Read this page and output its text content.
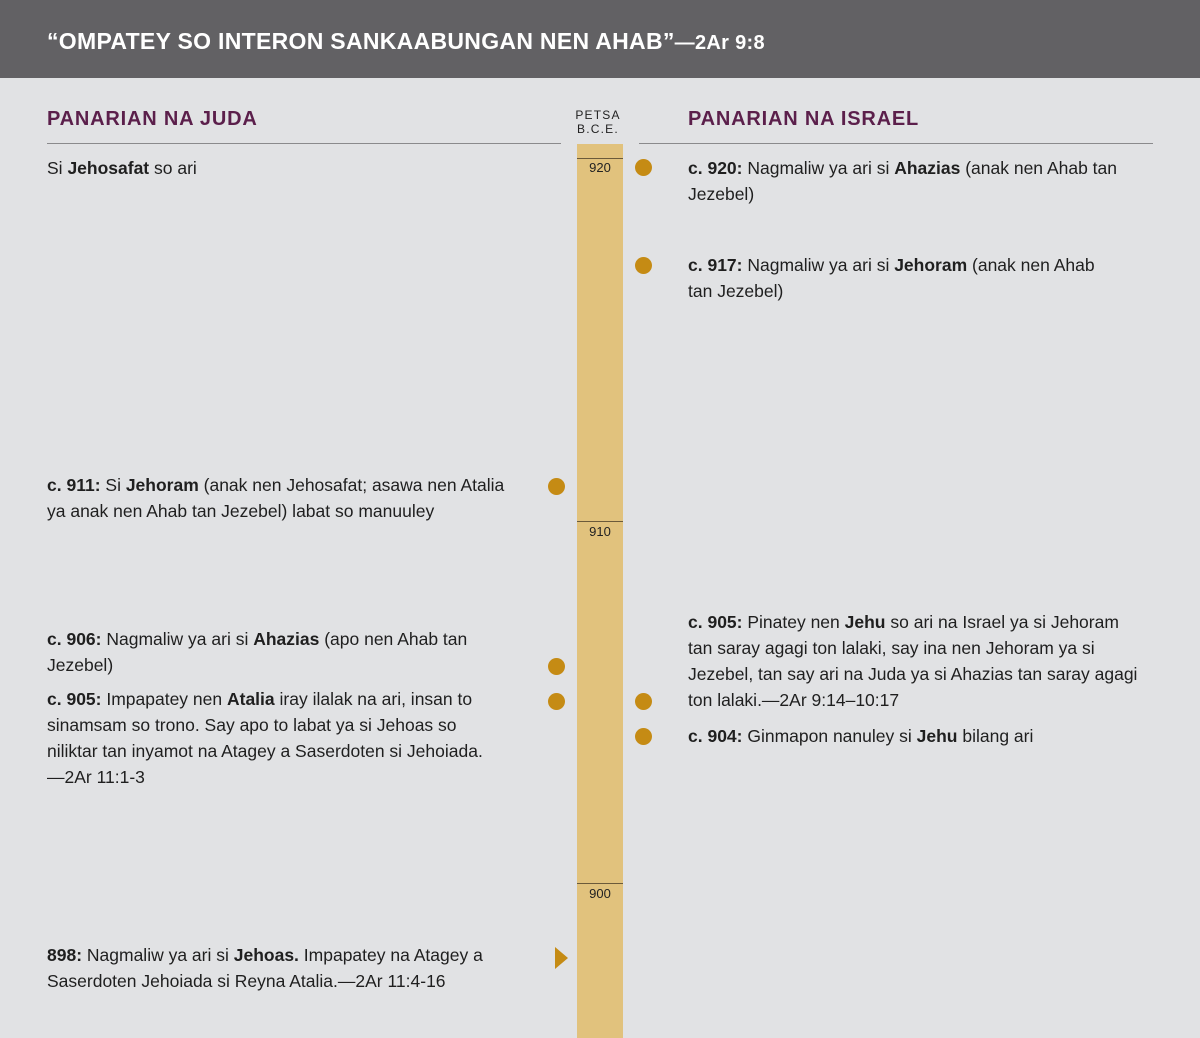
“OMPATEY SO INTERON SANKAABUNGAN NEN AHAB”—2Ar 9:8
PANARIAN NA JUDA	PANARIAN NA ISRAEL
PETSA
B.C.E.
920
910
900
Si Jehosafat so ari
c. 911: Si Jehoram (anak nen Jehosafat; asawa nen Atalia ya anak nen Ahab tan Jezebel) labat so manuuley
c. 906: Nagmaliw ya ari si Ahazias (apo nen Ahab tan Jezebel)
c. 905: Impapatey nen Atalia iray ilalak na ari, insan to sinamsam so trono. Say apo to labat ya si Jehoas so niliktar tan inyamot na Atagey a Saserdoten si Jehoiada.—2Ar 11:1-3
898: Nagmaliw ya ari si Jehoas. Impapatey na Atagey a Saserdoten Jehoiada si Reyna Atalia.—2Ar 11:4-16
c. 920: Nagmaliw ya ari si Ahazias (anak nen Ahab tan Jezebel)
c. 917: Nagmaliw ya ari si Jehoram (anak nen Ahab tan Jezebel)
c. 905: Pinatey nen Jehu so ari na Israel ya si Jehoram tan saray agagi ton lalaki, say ina nen Jehoram ya si Jezebel, tan say ari na Juda ya si Ahazias tan saray agagi ton lalaki.—2Ar 9:14–10:17
c. 904: Ginmapon nanuley si Jehu bilang ari
